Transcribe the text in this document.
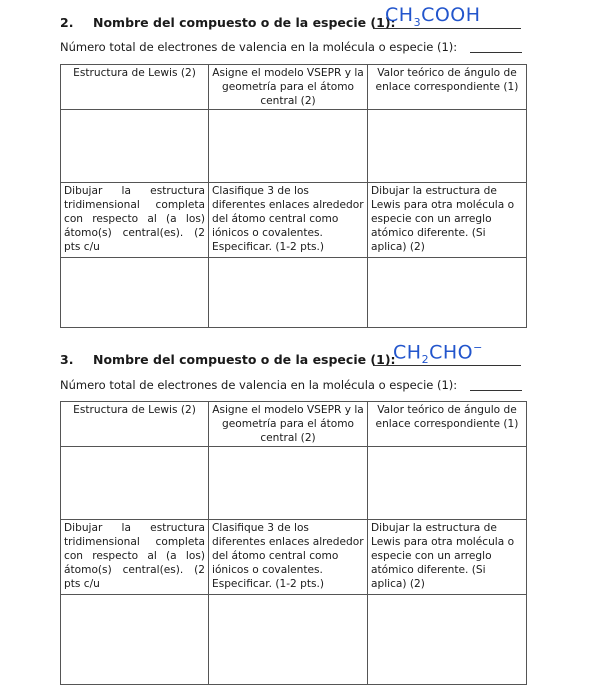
2. Nombre del compuesto o de la especie (1):
$CH_3COOH$
Número total de electrones de valencia en la molécula o especie (1):
Estructura de Lewis (2)	Asigne el modelo VSEPR y la geometría para el átomo central (2)	Valor teórico de ángulo de enlace correspondiente (1)

Dibujar la estructura tridimensional completa con respecto al (a los) átomo(s) central(es). (2 pts c/u	Clasifique 3 de los diferentes enlaces alrededor del átomo central como iónicos o covalentes. Especificar. (1-2 pts.)	Dibujar la estructura de Lewis para otra molécula o especie con un arreglo atómico diferente. (Si aplica) (2)

3. Nombre del compuesto o de la especie (1):
$CH_2CHO^-$
Número total de electrones de valencia en la molécula o especie (1):
Estructura de Lewis (2)	Asigne el modelo VSEPR y la geometría para el átomo central (2)	Valor teórico de ángulo de enlace correspondiente (1)

Dibujar la estructura tridimensional completa con respecto al (a los) átomo(s) central(es). (2 pts c/u	Clasifique 3 de los diferentes enlaces alrededor del átomo central como iónicos o covalentes. Especificar. (1-2 pts.)	Dibujar la estructura de Lewis para otra molécula o especie con un arreglo atómico diferente. (Si aplica) (2)
